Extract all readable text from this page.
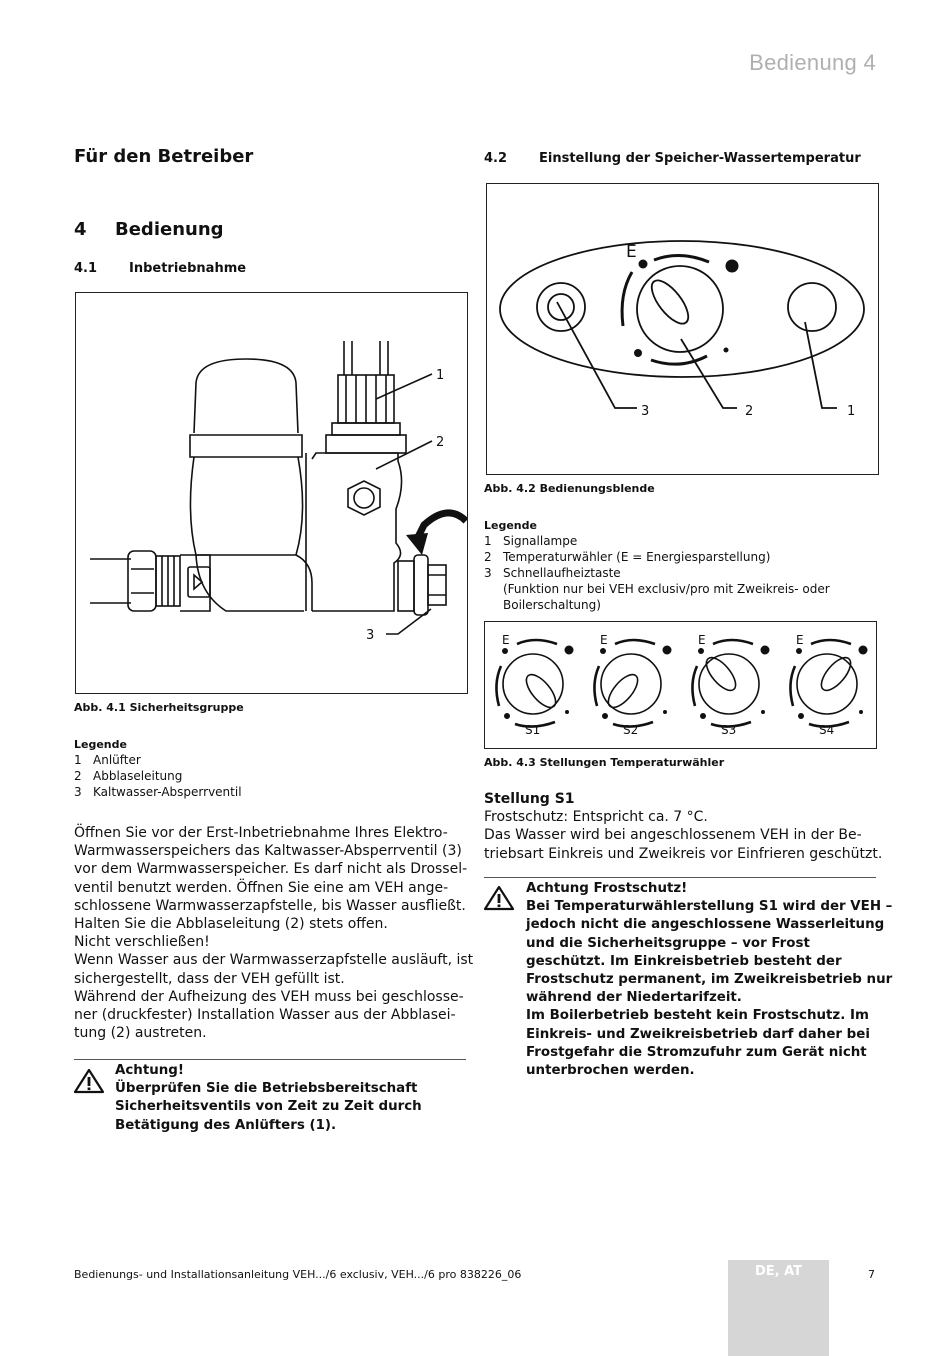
Bedienung 4
Für den Betreiber
4 Bedienung
4.1 Inbetriebnahme
1
2
3
Abb. 4.1 Sicherheitsgruppe
Legende
1 Anlüfter
2 Abblaseleitung
3 Kaltwasser-Absperrventil

Öffnen Sie vor der Erst-Inbetriebnahme Ihres Elektro-

Warmwasserspeichers das Kaltwasser-Absperrventil (3)

vor dem Warmwasserspeicher. Es darf nicht als Drossel-

ventil benutzt werden. Öffnen Sie eine am VEH ange-

schlossene Warmwasserzapfstelle, bis Wasser ausfließt.

Halten Sie die Abblaseleitung (2) stets offen.

Nicht verschließen!

Wenn Wasser aus der Warmwasserzapfstelle ausläuft, ist

sichergestellt, dass der VEH gefüllt ist.

Während der Aufheizung des VEH muss bei geschlosse-

ner (druckfester) Installation Wasser aus der Abblasei-

tung (2) austreten.

Achtung!
Überprüfen Sie die Betriebsbereitschaft
Sicherheitsventils von Zeit zu Zeit durch
Betätigung des Anlüfters (1).
4.2 Einstellung der Speicher-Wassertemperatur
E
3	2	1
Abb. 4.2 Bedienungsblende
Legende
1 Signallampe
2 Temperaturwähler (E = Energiesparstellung)
3 Schnellaufheiztaste
(Funktion nur bei VEH exclusiv/pro mit Zweikreis- oder
Boilerschaltung)
E
S1
E
S2
E
S3
E
S4
Abb. 4.3 Stellungen Temperaturwähler

Stellung S1

Frostschutz: Entspricht ca. 7 °C.

Das Wasser wird bei angeschlossenem VEH in der Be-

triebsart Einkreis und Zweikreis vor Einfrieren geschützt.

Achtung Frostschutz!
Bei Temperaturwählerstellung S1 wird der VEH –
jedoch nicht die angeschlossene Wasserleitung
und die Sicherheitsgruppe – vor Frost
geschützt. Im Einkreisbetrieb besteht der
Frostschutz permanent, im Zweikreisbetrieb nur
während der Niedertarifzeit.
Im Boilerbetrieb besteht kein Frostschutz. Im
Einkreis- und Zweikreisbetrieb darf daher bei
Frostgefahr die Stromzufuhr zum Gerät nicht
unterbrochen werden.
Bedienungs- und Installationsanleitung VEH.../6 exclusiv, VEH.../6 pro 838226_06	DE, AT	7
